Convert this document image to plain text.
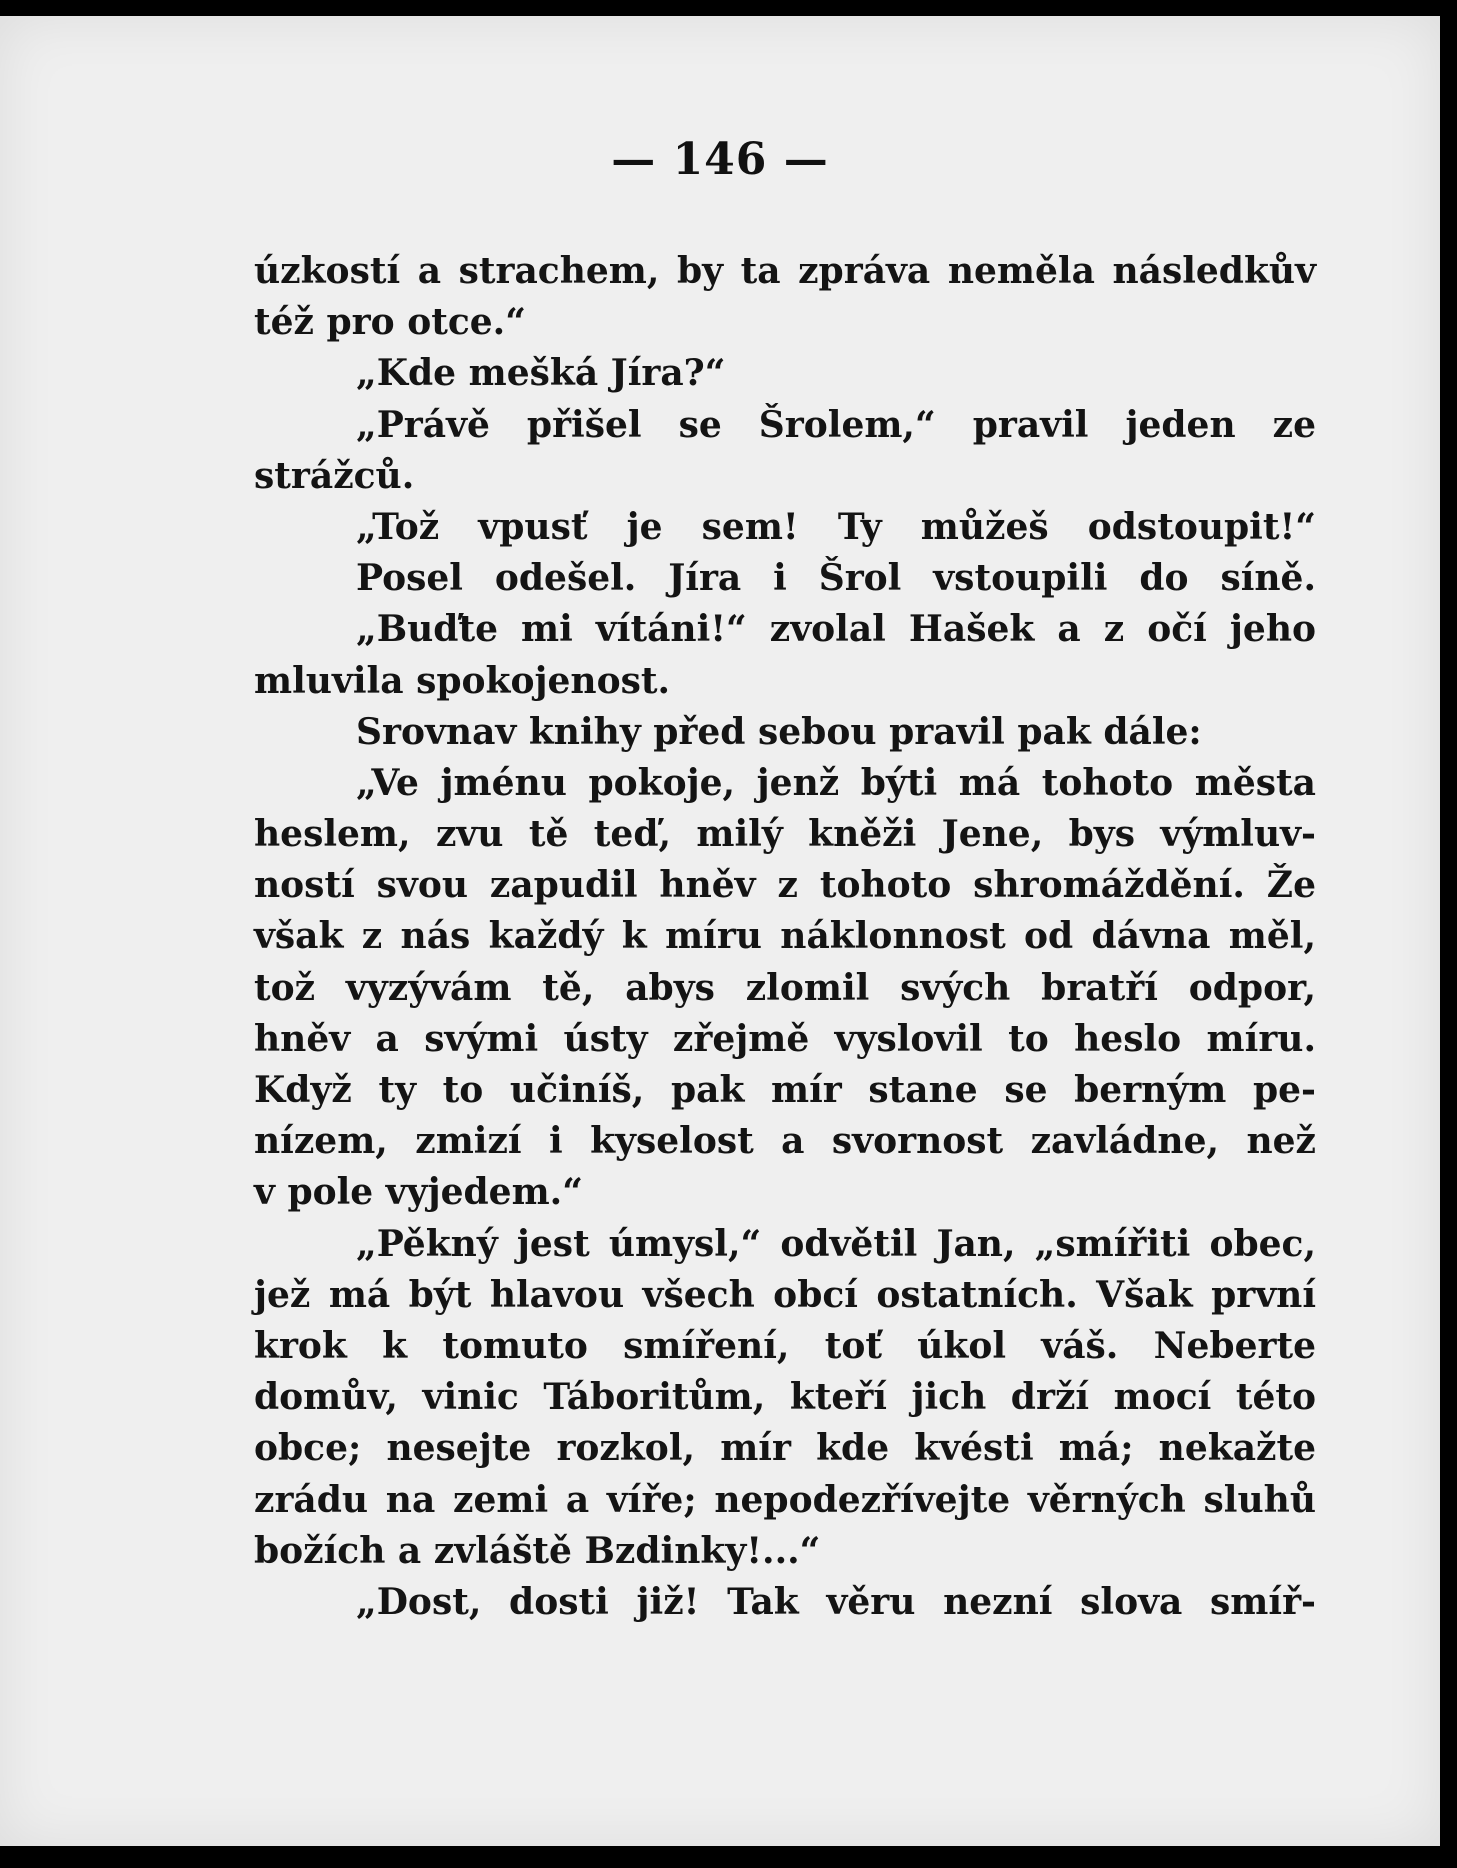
— 146 —
úzkostí a strachem, by ta zpráva neměla následkův
též pro otce.“
„Kde mešká Jíra?“
„Právě přišel se Šrolem,“ pravil jeden ze
strážců.
„Tož vpusť je sem! Ty můžeš odstoupit!“
Posel odešel. Jíra i Šrol vstoupili do síně.
„Buďte mi vítáni!“ zvolal Hašek a z očí jeho
mluvila spokojenost.
Srovnav knihy před sebou pravil pak dále:
„Ve jménu pokoje, jenž býti má tohoto města
heslem, zvu tě teď, milý kněži Jene, bys výmluv-
ností svou zapudil hněv z tohoto shromáždění. Že
však z nás každý k míru náklonnost od dávna měl,
tož vyzývám tě, abys zlomil svých bratří odpor,
hněv a svými ústy zřejmě vyslovil to heslo míru.
Když ty to učiníš, pak mír stane se berným pe-
nízem, zmizí i kyselost a svornost zavládne, než
v pole vyjedem.“
„Pěkný jest úmysl,“ odvětil Jan, „smířiti obec,
jež má být hlavou všech obcí ostatních. Však první
krok k tomuto smíření, toť úkol váš. Neberte
domův, vinic Táboritům, kteří jich drží mocí této
obce; nesejte rozkol, mír kde kvésti má; nekažte
zrádu na zemi a víře; nepodezřívejte věrných sluhů
božích a zvláště Bzdinky!...“
„Dost, dosti již! Tak věru nezní slova smíř-
